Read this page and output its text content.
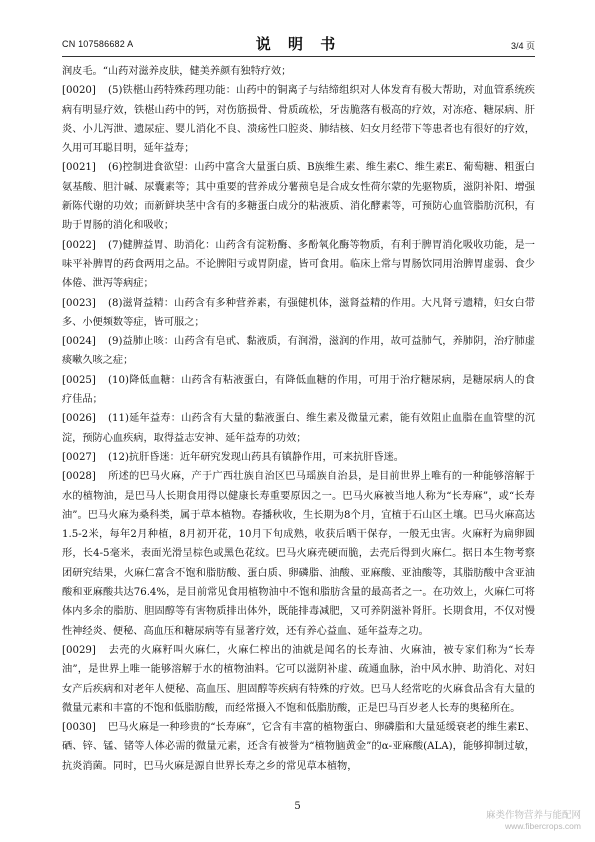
CN 107586682 A	说 明 书	3/4 页

润皮毛。“山药对滋养皮肤，健美养颜有独特疗效；

[0020] (5)铁椹山药特殊药理功能：山药中的铜离子与结缔组织对人体发育有极大帮助，对血管系统疾病有明显疗效，铁椹山药中的钙，对伤筋损骨、骨质疏松，牙齿脆落有极高的疗效，对冻疮、糖尿病、肝炎、小儿泻泄、遗尿症、婴儿消化不良、溃疡性口腔炎、肺结核、妇女月经带下等患者也有很好的疗效，久用可耳聪目明，延年益寿；

[0021] (6)控制进食欲望：山药中富含大量蛋白质、B族维生素、维生素C、维生素E、葡萄糖、粗蛋白氨基酸、胆汁碱、尿囊素等；其中重要的营养成分薯蓣皂是合成女性荷尔蒙的先驱物质，滋阴补阳、增强新陈代谢的功效；而新鲜块茎中含有的多糖蛋白成分的粘液质、消化酵素等，可预防心血管脂肪沉积，有助于胃肠的消化和吸收；

[0022] (7)健脾益胃、助消化：山药含有淀粉酶、多酚氧化酶等物质，有利于脾胃消化吸收功能，是一味平补脾胃的药食两用之品。不论脾阳亏或胃阴虚，皆可食用。临床上常与胃肠饮同用治脾胃虚弱、食少体倦、泄泻等病症；

[0023] (8)滋肾益精：山药含有多种营养素，有强健机体，滋肾益精的作用。大凡肾亏遗精，妇女白带多、小便频数等症，皆可服之；

[0024] (9)益肺止咳：山药含有皂甙、黏液质，有润滑，滋润的作用，故可益肺气，养肺阴，治疗肺虚痰嗽久咳之症；

[0025] (10)降低血糖：山药含有粘液蛋白，有降低血糖的作用，可用于治疗糖尿病，是糖尿病人的食疗佳品；

[0026] (11)延年益寿：山药含有大量的黏液蛋白、维生素及微量元素，能有效阻止血脂在血管壁的沉淀，预防心血疾病，取得益志安神、延年益寿的功效；

[0027] (12)抗肝昏迷：近年研究发现山药具有镇静作用，可来抗肝昏迷。

[0028] 所述的巴马火麻，产于广西壮族自治区巴马瑶族自治县，是目前世界上唯有的一种能够溶解于水的植物油，是巴马人长期食用得以健康长寿重要原因之一。巴马火麻被当地人称为“长寿麻”，或“长寿油”。巴马火麻为桑科类，属于草本植物。春播秋收，生长期为8个月，宜植于石山区土壤。巴马火麻高达1.5-2米，每年2月种植，8月初开花，10月下旬成熟，收获后晒干保存，一般无虫害。火麻籽为扁卵圆形，长4-5毫米，表面光滑呈棕色或黑色花纹。巴马火麻壳硬而脆，去壳后得到火麻仁。据日本生物考察团研究结果，火麻仁富含不饱和脂肪酸、蛋白质、卵磷脂、油酸、亚麻酸、亚油酸等，其脂肪酸中含亚油酸和亚麻酸共达76.4%，是目前常见食用植物油中不饱和脂肪含量的最高者之一。在功效上，火麻仁可将体内多余的脂肪、胆固醇等有害物质排出体外，既能排毒减肥，又可养阴滋补肾肝。长期食用，不仅对慢性神经炎、便秘、高血压和糖尿病等有显著疗效，还有养心益血、延年益寿之功。

[0029] 去壳的火麻籽叫火麻仁，火麻仁榨出的油就是闻名的长寿油、火麻油，被专家们称为“长寿油”，是世界上唯一能够溶解于水的植物油料。它可以滋阴补虚、疏通血脉，治中风水肿、助消化、对妇女产后疾病和对老年人便秘、高血压、胆固醇等疾病有特殊的疗效。巴马人经常吃的火麻食品含有大量的微量元素和丰富的不饱和低脂肪酸，而经常摄入不饱和低脂肪酸，正是巴马百岁老人长寿的奥秘所在。

[0030] 巴马火麻是一种珍贵的“长寿麻”，它含有丰富的植物蛋白、卵磷脂和大量延缓衰老的维生素E、硒、锌、锰、锗等人体必需的微量元素，还含有被誉为“植物脑黄金”的α-亚麻酸(ALA)，能够抑制过敏，抗炎消菌。同时，巴马火麻是源自世界长寿之乡的常见草本植物，

5
麻类作物营养与能配网
www.fibercrops.com
